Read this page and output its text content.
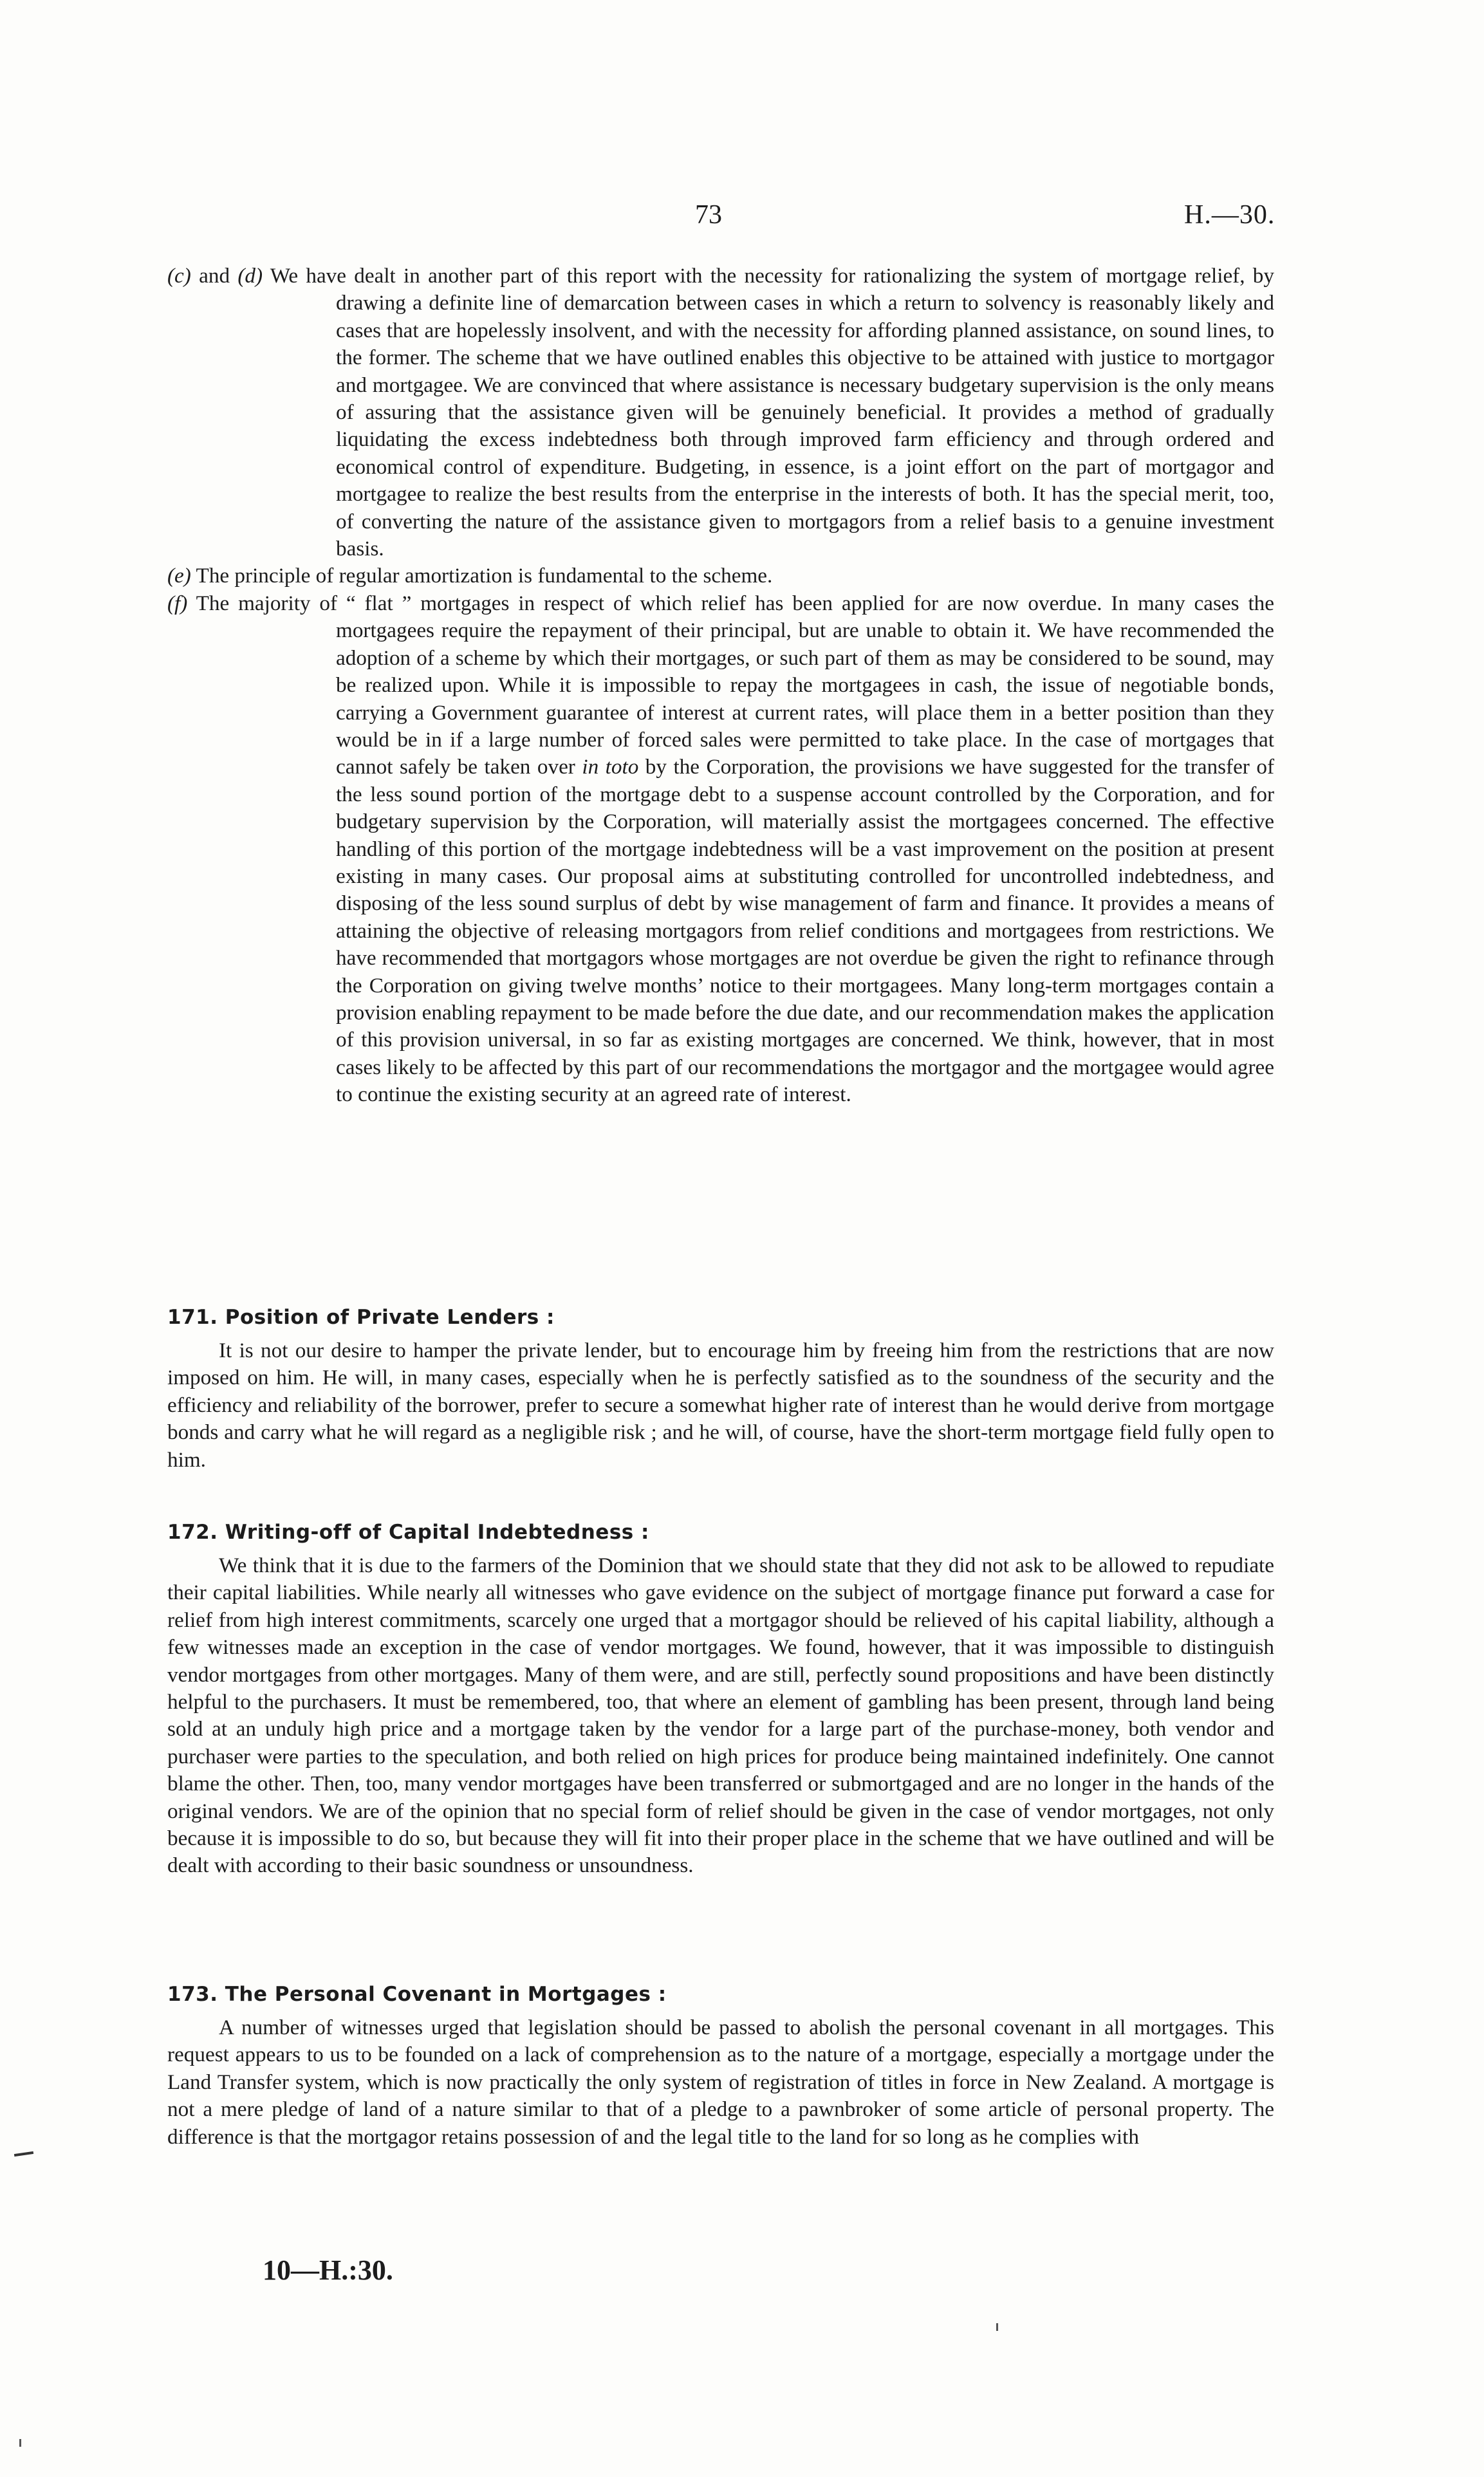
73	H.—30.

(c) and (d) We have dealt in another part of this report with the necessity for rationalizing the system of mortgage relief, by drawing a definite line of demarcation between cases in which a return to solvency is reasonably likely and cases that are hopelessly insolvent, and with the necessity for affording planned assistance, on sound lines, to the former. The scheme that we have outlined enables this objective to be attained with justice to mortgagor and mortgagee. We are convinced that where assistance is necessary budgetary supervision is the only means of assuring that the assistance given will be genuinely beneficial. It provides a method of gradually liquidating the excess indebtedness both through improved farm efficiency and through ordered and economical control of expenditure. Budgeting, in essence, is a joint effort on the part of mortgagor and mortgagee to realize the best results from the enterprise in the interests of both. It has the special merit, too, of converting the nature of the assistance given to mortgagors from a relief basis to a genuine investment basis.

(e) The principle of regular amortization is fundamental to the scheme.

(f) The majority of “ flat ” mortgages in respect of which relief has been applied for are now overdue. In many cases the mortgagees require the repayment of their principal, but are unable to obtain it. We have recommended the adoption of a scheme by which their mortgages, or such part of them as may be considered to be sound, may be realized upon. While it is impossible to repay the mortgagees in cash, the issue of negotiable bonds, carrying a Government guarantee of interest at current rates, will place them in a better position than they would be in if a large number of forced sales were permitted to take place. In the case of mortgages that cannot safely be taken over in toto by the Corporation, the provisions we have suggested for the transfer of the less sound portion of the mortgage debt to a suspense account controlled by the Corporation, and for budgetary supervision by the Corporation, will materially assist the mortgagees concerned. The effective handling of this portion of the mortgage indebtedness will be a vast improvement on the position at present existing in many cases. Our proposal aims at substituting controlled for uncontrolled indebtedness, and disposing of the less sound surplus of debt by wise management of farm and finance. It provides a means of attaining the objective of releasing mortgagors from relief conditions and mortgagees from restrictions. We have recommended that mortgagors whose mortgages are not overdue be given the right to refinance through the Corporation on giving twelve months’ notice to their mortgagees. Many long-term mortgages contain a provision enabling repayment to be made before the due date, and our recommendation makes the application of this provision universal, in so far as existing mortgages are concerned. We think, however, that in most cases likely to be affected by this part of our recommendations the mortgagor and the mortgagee would agree to continue the existing security at an agreed rate of interest.

171. Position of Private Lenders :

It is not our desire to hamper the private lender, but to encourage him by freeing him from the restrictions that are now imposed on him. He will, in many cases, especially when he is perfectly satisfied as to the soundness of the security and the efficiency and reliability of the borrower, prefer to secure a somewhat higher rate of interest than he would derive from mortgage bonds and carry what he will regard as a negligible risk ; and he will, of course, have the short-term mortgage field fully open to him.

172. Writing-off of Capital Indebtedness :

We think that it is due to the farmers of the Dominion that we should state that they did not ask to be allowed to repudiate their capital liabilities. While nearly all witnesses who gave evidence on the subject of mortgage finance put forward a case for relief from high interest commitments, scarcely one urged that a mortgagor should be relieved of his capital liability, although a few witnesses made an exception in the case of vendor mortgages. We found, however, that it was impossible to distinguish vendor mortgages from other mortgages. Many of them were, and are still, perfectly sound propositions and have been distinctly helpful to the purchasers. It must be remembered, too, that where an element of gambling has been present, through land being sold at an unduly high price and a mortgage taken by the vendor for a large part of the purchase-money, both vendor and purchaser were parties to the speculation, and both relied on high prices for produce being maintained indefinitely. One cannot blame the other. Then, too, many vendor mortgages have been transferred or submortgaged and are no longer in the hands of the original vendors. We are of the opinion that no special form of relief should be given in the case of vendor mortgages, not only because it is impossible to do so, but because they will fit into their proper place in the scheme that we have outlined and will be dealt with according to their basic soundness or unsoundness.

173. The Personal Covenant in Mortgages :

A number of witnesses urged that legislation should be passed to abolish the personal covenant in all mortgages. This request appears to us to be founded on a lack of comprehension as to the nature of a mortgage, especially a mortgage under the Land Transfer system, which is now practically the only system of registration of titles in force in New Zealand. A mortgage is not a mere pledge of land of a nature similar to that of a pledge to a pawnbroker of some article of personal property. The difference is that the mortgagor retains possession of and the legal title to the land for so long as he complies with

10—H.:30.
